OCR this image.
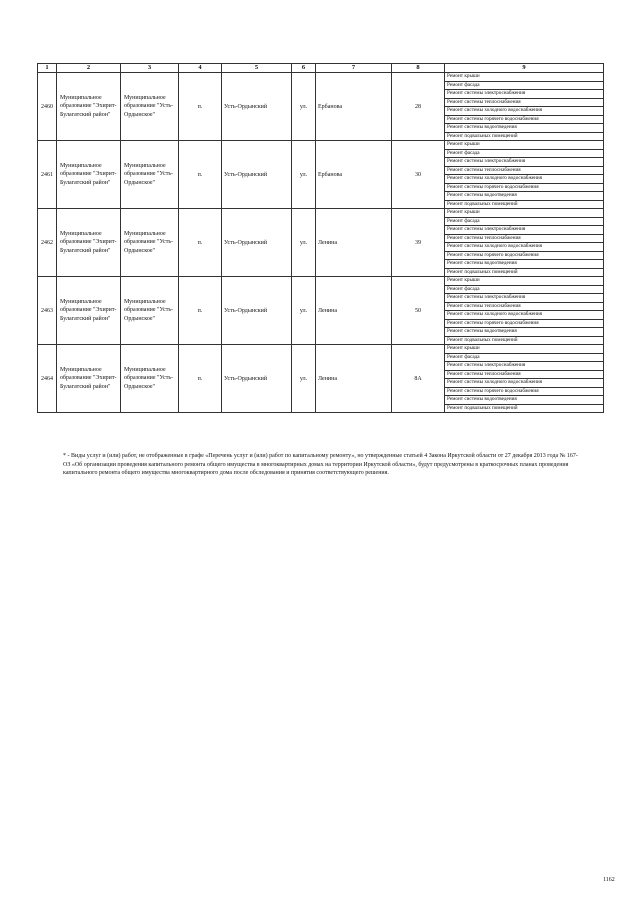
1	2	3	4	5	6	7	8	9
2460	Муниципальное образование "Эхирит-Булагатский район"	Муниципальное образование "Усть-Ордынское"	п.	Усть-Ордынский	ул.	Ербанова	28	Ремонт крыши
								Ремонт фасада
								Ремонт системы электроснабжения
								Ремонт системы теплоснабжения
								Ремонт системы холодного водоснабжения
								Ремонт системы горячего водоснабжения
								Ремонт системы водоотведения
								Ремонт подвальных помещений
2461	Муниципальное образование "Эхирит-Булагатский район"	Муниципальное образование "Усть-Ордынское"	п.	Усть-Ордынский	ул.	Ербанова	30	Ремонт крыши
								Ремонт фасада
								Ремонт системы электроснабжения
								Ремонт системы теплоснабжения
								Ремонт системы холодного водоснабжения
								Ремонт системы горячего водоснабжения
								Ремонт системы водоотведения
								Ремонт подвальных помещений
2462	Муниципальное образование "Эхирит-Булагатский район"	Муниципальное образование "Усть-Ордынское"	п.	Усть-Ордынский	ул.	Ленина	39	Ремонт крыши
								Ремонт фасада
								Ремонт системы электроснабжения
								Ремонт системы теплоснабжения
								Ремонт системы холодного водоснабжения
								Ремонт системы горячего водоснабжения
								Ремонт системы водоотведения
								Ремонт подвальных помещений
2463	Муниципальное образование "Эхирит-Булагатский район"	Муниципальное образование "Усть-Ордынское"	п.	Усть-Ордынский	ул.	Ленина	50	Ремонт крыши
								Ремонт фасада
								Ремонт системы электроснабжения
								Ремонт системы теплоснабжения
								Ремонт системы холодного водоснабжения
								Ремонт системы горячего водоснабжения
								Ремонт системы водоотведения
								Ремонт подвальных помещений
2464	Муниципальное образование "Эхирит-Булагатский район"	Муниципальное образование "Усть-Ордынское"	п.	Усть-Ордынский	ул.	Ленина	8А	Ремонт крыши
								Ремонт фасада
								Ремонт системы электроснабжения
								Ремонт системы теплоснабжения
								Ремонт системы холодного водоснабжения
								Ремонт системы горячего водоснабжения
								Ремонт системы водоотведения
								Ремонт подвальных помещений
* - Виды услуг и (или) работ, не отображенные в графе «Перечень услуг и (или) работ по капитальному ремонту», но утвержденные статьей 4 Закона Иркутской области от 27 декабря 2013 года № 167-ОЗ «Об организации проведения капитального ремонта общего имущества в многоквартирных домах на территории Иркутской области», будут предусмотрены в краткосрочных планах проведения капитального ремонта общего имущества многоквартирного дома после обследования и принятия соответствующего решения.
1162
